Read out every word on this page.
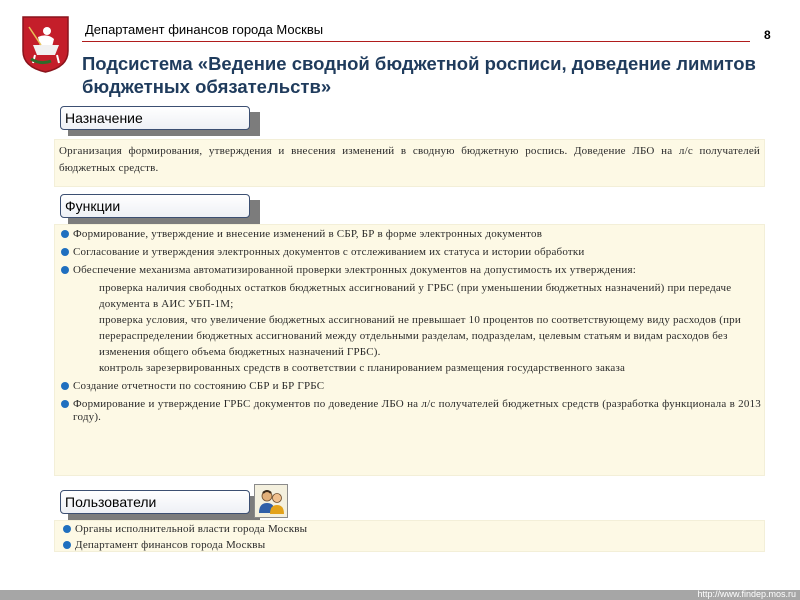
Департамент финансов города Москвы	8
Подсистема «Ведение сводной бюджетной росписи, доведение лимитов бюджетных обязательств»
Назначение
Организация формирования, утверждения и внесения изменений в сводную бюджетную роспись. Доведение ЛБО на л/с получателей бюджетных средств.
Функции
Формирование, утверждение и внесение изменений в СБР, БР в форме электронных документов
Согласование и утверждения электронных документов с отслеживанием их статуса и истории обработки
Обеспечение механизма автоматизированной проверки электронных документов на допустимость их утверждения:
проверка наличия свободных остатков бюджетных ассигнований у ГРБС (при уменьшении бюджетных назначений) при передаче документа в АИС УБП-1М;
проверка условия, что увеличение бюджетных ассигнований не превышает 10 процентов по соответствующему виду расходов (при перераспределении бюджетных ассигнований между отдельными разделам, подразделам, целевым статьям и видам расходов без изменения общего объема бюджетных назначений ГРБС).
контроль зарезервированных средств в соответствии с планированием размещения государственного заказа
Создание отчетности по состоянию СБР и БР ГРБС
Формирование и утверждение ГРБС документов по доведение ЛБО на л/с получателей бюджетных средств (разработка функционала в 2013 году).
Пользователи
Органы исполнительной власти города Москвы
Департамент финансов города Москвы
http://www.findep.mos.ru
